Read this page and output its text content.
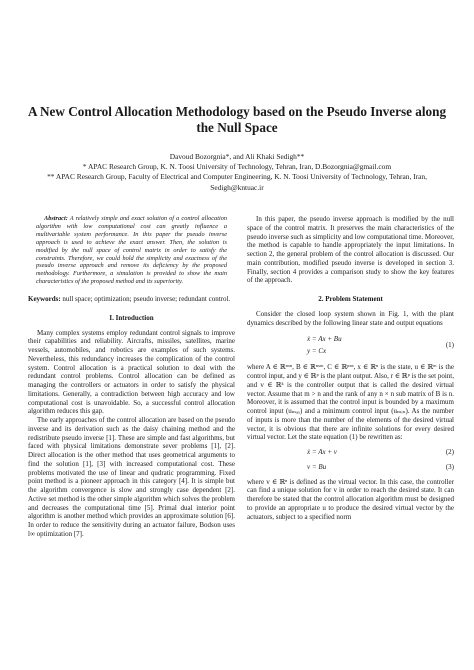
A New Control Allocation Methodology based on the Pseudo Inverse along the Null Space
Davoud Bozorgnia*, and Ali Khaki Sedigh**
* APAC Research Group, K. N. Toosi University of Technology, Tehran, Iran, D.Bozorgnia@gmail.com
** APAC Research Group, Faculty of Electrical and Computer Engineering, K. N. Toosi University of Technology, Tehran, Iran, Sedigh@kntuac.ir
Abstract: A relatively simple and exact solution of a control allocation algorithm with low computational cost can greatly influence a multivariable system performance. In this paper the pseudo inverse approach is used to achieve the exact answer. Then, the solution is modified by the null space of control matrix in order to satisfy the constraints. Therefore, we could hold the simplicity and exactness of the pseudo inverse approach and remove its deficiency by the proposed methodology. Furthermore, a simulation is provided to show the main characteristics of the proposed method and its superiority.
Keywords: null space; optimization; pseudo inverse; redundant control.
I. Introduction

Many complex systems employ redundant control signals to improve their capabilities and reliability. Aircrafts, missiles, satellites, marine vessels, automobiles, and robotics are examples of such systems. Nevertheless, this redundancy increases the complication of the control system. Control allocation is a practical solution to deal with the redundant control problems. Control allocation can be defined as managing the controllers or actuators in order to satisfy the physical limitations. Generally, a contradiction between high accuracy and low computational cost is unavoidable. So, a successful control allocation algorithm reduces this gap.

The early approaches of the control allocation are based on the pseudo inverse and its derivation such as the daisy chaining method and the redistribute pseudo inverse [1]. These are simple and fast algorithms, but faced with physical limitations demonstrate sever problems [1], [2]. Direct allocation is the other method that uses geometrical arguments to find the solution [1], [3] with increased computational cost. These problems motivated the use of linear and qudratic programming. Fixed point method is a pioneer approach in this category [4]. It is simple but the algorithm convergence is slow and strongly case dependent [2]. Active set method is the other simple algorithm which solves the problem and decreases the computational time [5]. Primal dual interior point algorithm is another method which provides an approximate solution [6]. In order to reduce the sensitivity during an actuator failure, Bodson uses l∞ optimization [7].

In this paper, the pseudo inverse approach is modified by the null space of the control matrix. It preserves the main characteristics of the pseudo inverse such as simplicity and low computational time. Moreover, the method is capable to handle appropriately the input limitations. In section 2, the general problem of the control allocation is discussed. Our main contribution, modified pseudo inverse is developed in section 3. Finally, section 4 provides a comparison study to show the key features of the approach.

2. Problem Statement

Consider the closed loop system shown in Fig. 1, with the plant dynamics described by the following linear state and output equations

ẋ = Ax + Bu
y = Cx
(1)

where A ∈ ℝⁿˣⁿ, B ∈ ℝⁿˣᵐ, C ∈ ℝᵖˣⁿ, x ∈ ℝⁿ is the state, u ∈ ℝᵐ is the control input, and y ∈ ℝᵖ is the plant output. Also, r ∈ ℝᵖ is the set point, and v ∈ ℝᵏ is the controller output that is called the desired virtual vector. Assume that m > n and the rank of any n × n sub matrix of B is n. Moreover, it is assumed that the control input is bounded by a maximum control input (uₘₐₓ) and a minimum control input (uₘᵢₙ). As the number of inputs is more than the number of the elements of the desired virtual vector, it is obvious that there are infinite solutions for every desired virtual vector. Let the state equation (1) be rewritten as:

ẋ = Ax + v	(2)
v = Bu	(3)

where v ∈ ℝⁿ is defined as the virtual vector. In this case, the controller can find a unique solution for v in order to reach the desired state. It can therefore be stated that the control allocation algorithm must be designed to provide an appropriate u to produce the desired virtual vector by the actuators, subject to a specified norm
